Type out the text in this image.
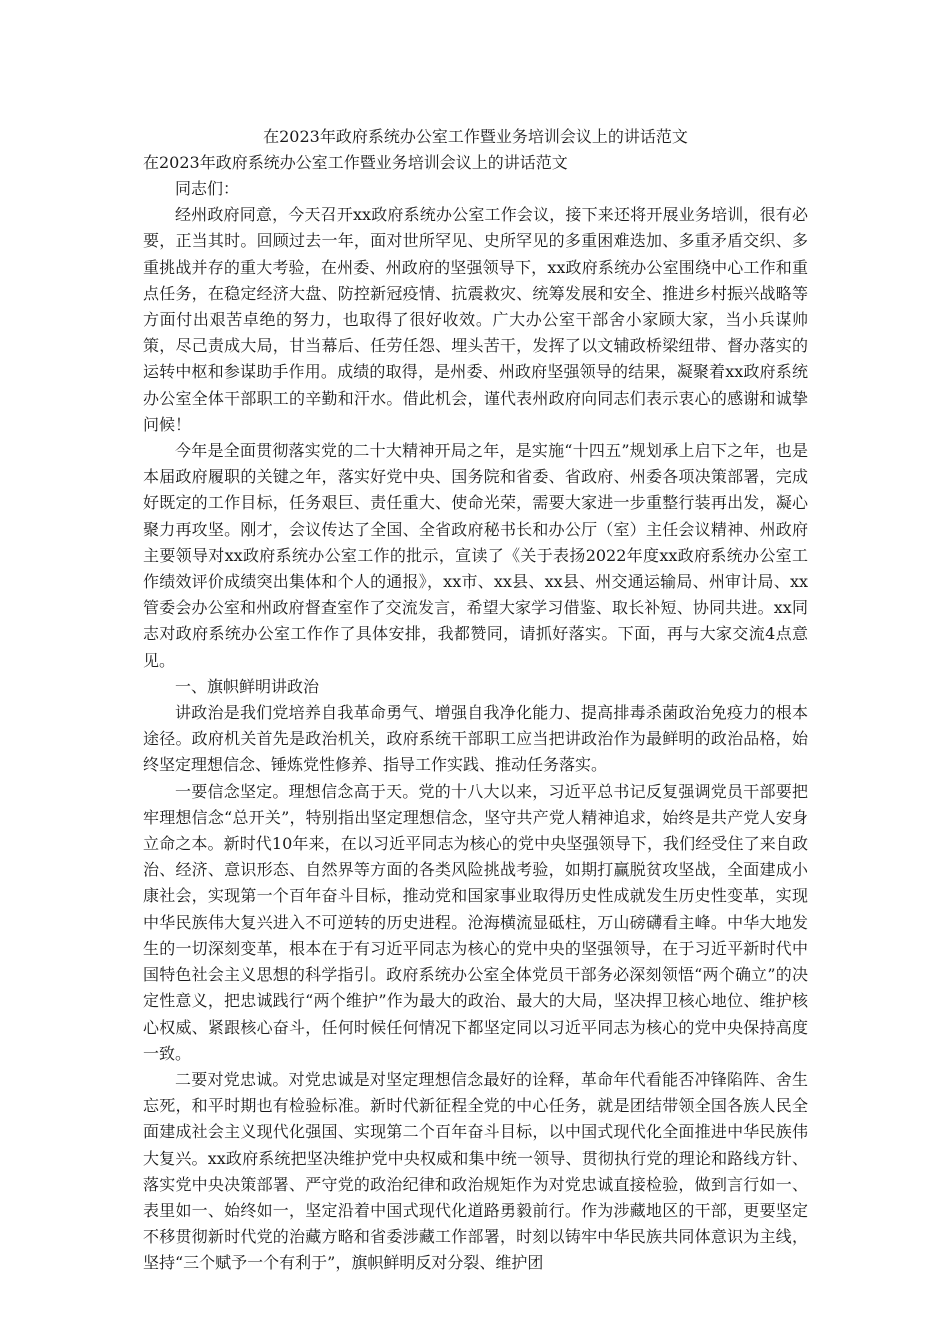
在2023年政府系统办公室工作暨业务培训会议上的讲话范文

在2023年政府系统办公室工作暨业务培训会议上的讲话范文

同志们：

经州政府同意，今天召开xx政府系统办公室工作会议，接下来还将开展业务培训，很有必要，正当其时。回顾过去一年，面对世所罕见、史所罕见的多重困难迭加、多重矛盾交织、多重挑战并存的重大考验，在州委、州政府的坚强领导下，xx政府系统办公室围绕中心工作和重点任务，在稳定经济大盘、防控新冠疫情、抗震救灾、统筹发展和安全、推进乡村振兴战略等方面付出艰苦卓绝的努力，也取得了很好收效。广大办公室干部舍小家顾大家，当小兵谋帅策，尽己责成大局，甘当幕后、任劳任怨、埋头苦干，发挥了以文辅政桥梁纽带、督办落实的运转中枢和参谋助手作用。成绩的取得，是州委、州政府坚强领导的结果，凝聚着xx政府系统办公室全体干部职工的辛勤和汗水。借此机会，谨代表州政府向同志们表示衷心的感谢和诚挚问候！

今年是全面贯彻落实党的二十大精神开局之年，是实施“十四五”规划承上启下之年，也是本届政府履职的关键之年，落实好党中央、国务院和省委、省政府、州委各项决策部署，完成好既定的工作目标，任务艰巨、责任重大、使命光荣，需要大家进一步重整行装再出发，凝心聚力再攻坚。刚才，会议传达了全国、全省政府秘书长和办公厅（室）主任会议精神、州政府主要领导对xx政府系统办公室工作的批示，宣读了《关于表扬2022年度xx政府系统办公室工作绩效评价成绩突出集体和个人的通报》，xx市、xx县、xx县、州交通运输局、州审计局、xx管委会办公室和州政府督查室作了交流发言，希望大家学习借鉴、取长补短、协同共进。xx同志对政府系统办公室工作作了具体安排，我都赞同，请抓好落实。下面，再与大家交流4点意见。

一、旗帜鲜明讲政治

讲政治是我们党培养自我革命勇气、增强自我净化能力、提高排毒杀菌政治免疫力的根本途径。政府机关首先是政治机关，政府系统干部职工应当把讲政治作为最鲜明的政治品格，始终坚定理想信念、锤炼党性修养、指导工作实践、推动任务落实。

一要信念坚定。理想信念高于天。党的十八大以来，习近平总书记反复强调党员干部要把牢理想信念“总开关”，特别指出坚定理想信念，坚守共产党人精神追求，始终是共产党人安身立命之本。新时代10年来，在以习近平同志为核心的党中央坚强领导下，我们经受住了来自政治、经济、意识形态、自然界等方面的各类风险挑战考验，如期打赢脱贫攻坚战，全面建成小康社会，实现第一个百年奋斗目标，推动党和国家事业取得历史性成就发生历史性变革，实现中华民族伟大复兴进入不可逆转的历史进程。沧海横流显砥柱，万山磅礴看主峰。中华大地发生的一切深刻变革，根本在于有习近平同志为核心的党中央的坚强领导，在于习近平新时代中国特色社会主义思想的科学指引。政府系统办公室全体党员干部务必深刻领悟“两个确立”的决定性意义，把忠诚践行“两个维护”作为最大的政治、最大的大局，坚决捍卫核心地位、维护核心权威、紧跟核心奋斗，任何时候任何情况下都坚定同以习近平同志为核心的党中央保持高度一致。

二要对党忠诚。对党忠诚是对坚定理想信念最好的诠释，革命年代看能否冲锋陷阵、舍生忘死，和平时期也有检验标准。新时代新征程全党的中心任务，就是团结带领全国各族人民全面建成社会主义现代化强国、实现第二个百年奋斗目标，以中国式现代化全面推进中华民族伟大复兴。xx政府系统把坚决维护党中央权威和集中统一领导、贯彻执行党的理论和路线方针、落实党中央决策部署、严守党的政治纪律和政治规矩作为对党忠诚直接检验，做到言行如一、表里如一、始终如一，坚定沿着中国式现代化道路勇毅前行。作为涉藏地区的干部，更要坚定不移贯彻新时代党的治藏方略和省委涉藏工作部署，时刻以铸牢中华民族共同体意识为主线，坚持“三个赋予一个有利于”，旗帜鲜明反对分裂、维护团
